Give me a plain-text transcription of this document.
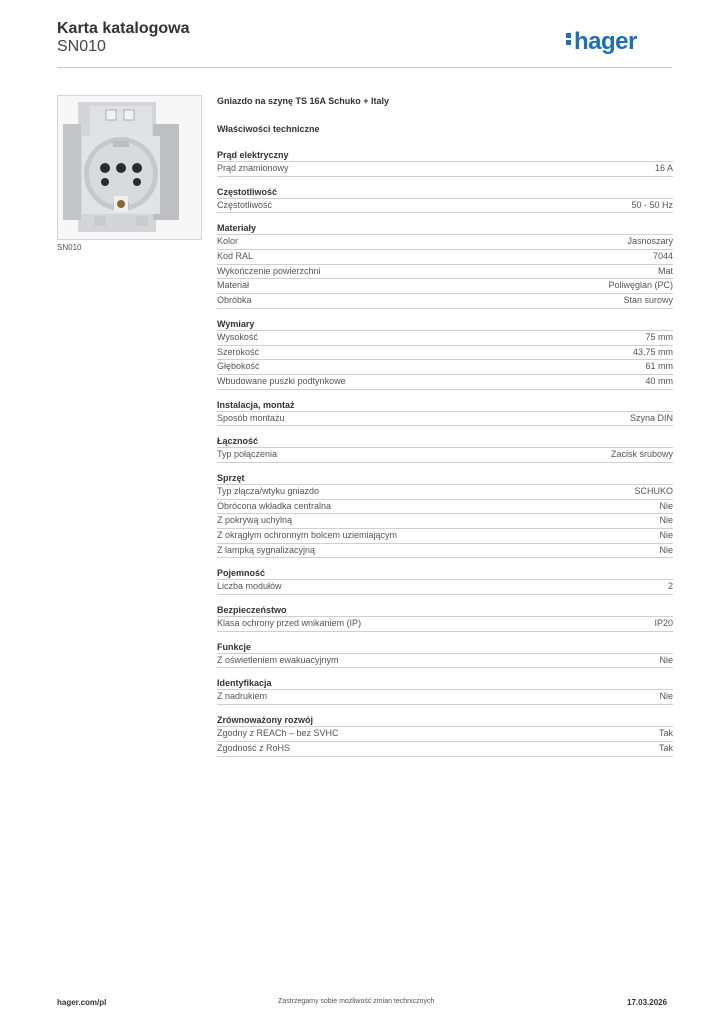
Karta katalogowa
SN010	hager
SN010
Gniazdo na szynę TS 16A Schuko + Italy
Właściwości techniczne
Prąd elektryczny
Prąd znamionowy	16 A
Częstotliwość
Częstotliwość	50 - 50 Hz
Materiały
Kolor	Jasnoszary
Kod RAL	7044
Wykończenie powierzchni	Mat
Materiał	Poliwęglan (PC)
Obróbka	Stan surowy
Wymiary
Wysokość	75 mm
Szerokość	43,75 mm
Głębokość	61 mm
Wbudowane puszki podtynkowe	40 mm
Instalacja, montaż
Sposób montażu	Szyna DIN
Łączność
Typ połączenia	Zacisk śrubowy
Sprzęt
Typ złącza/wtyku gniazdo	SCHUKO
Obrócona wkładka centralna	Nie
Z pokrywą uchylną	Nie
Z okrągłym ochronnym bolcem uziemiającym	Nie
Z lampką sygnalizacyjną	Nie
Pojemność
Liczba modułów	2
Bezpieczeństwo
Klasa ochrony przed wnikaniem (IP)	IP20
Funkcje
Z oświetleniem ewakuacyjnym	Nie
Identyfikacja
Z nadrukiem	Nie
Zrównoważony rozwój
Zgodny z REACh – bez SVHC	Tak
Zgodność z RoHS	Tak
hager.com/pl	Zastrzegamy sobie możliwość zmian technicznych	17.03.2026
